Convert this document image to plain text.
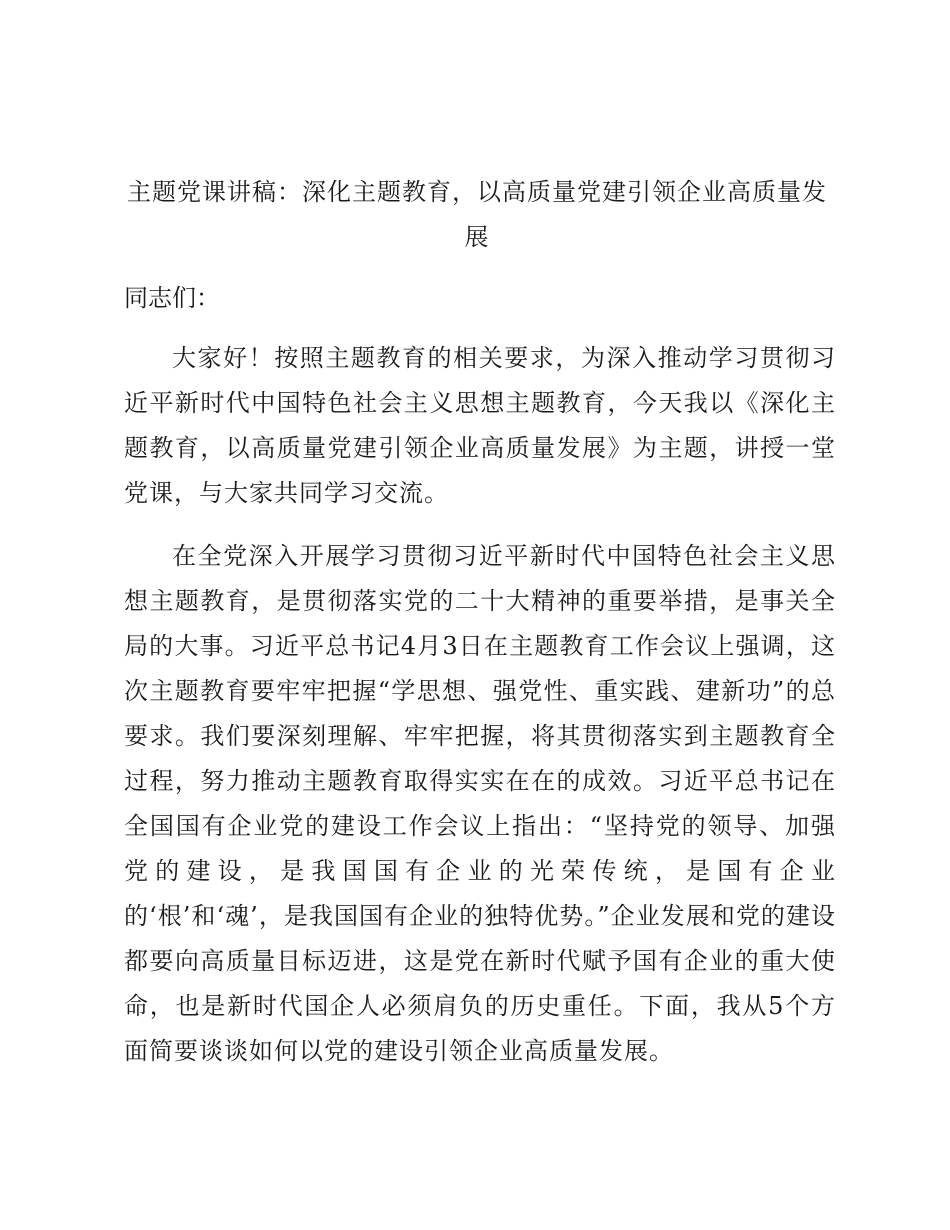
主题党课讲稿：深化主题教育，以高质量党建引领企业高质量发展
同志们：

大家好！按照主题教育的相关要求，为深入推动学习贯彻习近平新时代中国特色社会主义思想主题教育，今天我以《深化主题教育，以高质量党建引领企业高质量发展》为主题，讲授一堂党课，与大家共同学习交流。

在全党深入开展学习贯彻习近平新时代中国特色社会主义思想主题教育，是贯彻落实党的二十大精神的重要举措，是事关全局的大事。习近平总书记4月3日在主题教育工作会议上强调，这次主题教育要牢牢把握“学思想、强党性、重实践、建新功”的总要求。我们要深刻理解、牢牢把握，将其贯彻落实到主题教育全过程，努力推动主题教育取得实实在在的成效。习近平总书记在全国国有企业党的建设工作会议上指出：“坚持党的领导、加强党的建设，是我国国有企业的光荣传统，是国有企业的‘根’和‘魂’，是我国国有企业的独特优势。”企业发展和党的建设都要向高质量目标迈进，这是党在新时代赋予国有企业的重大使命，也是新时代国企人必须肩负的历史重任。下面，我从5个方面简要谈谈如何以党的建设引领企业高质量发展。
